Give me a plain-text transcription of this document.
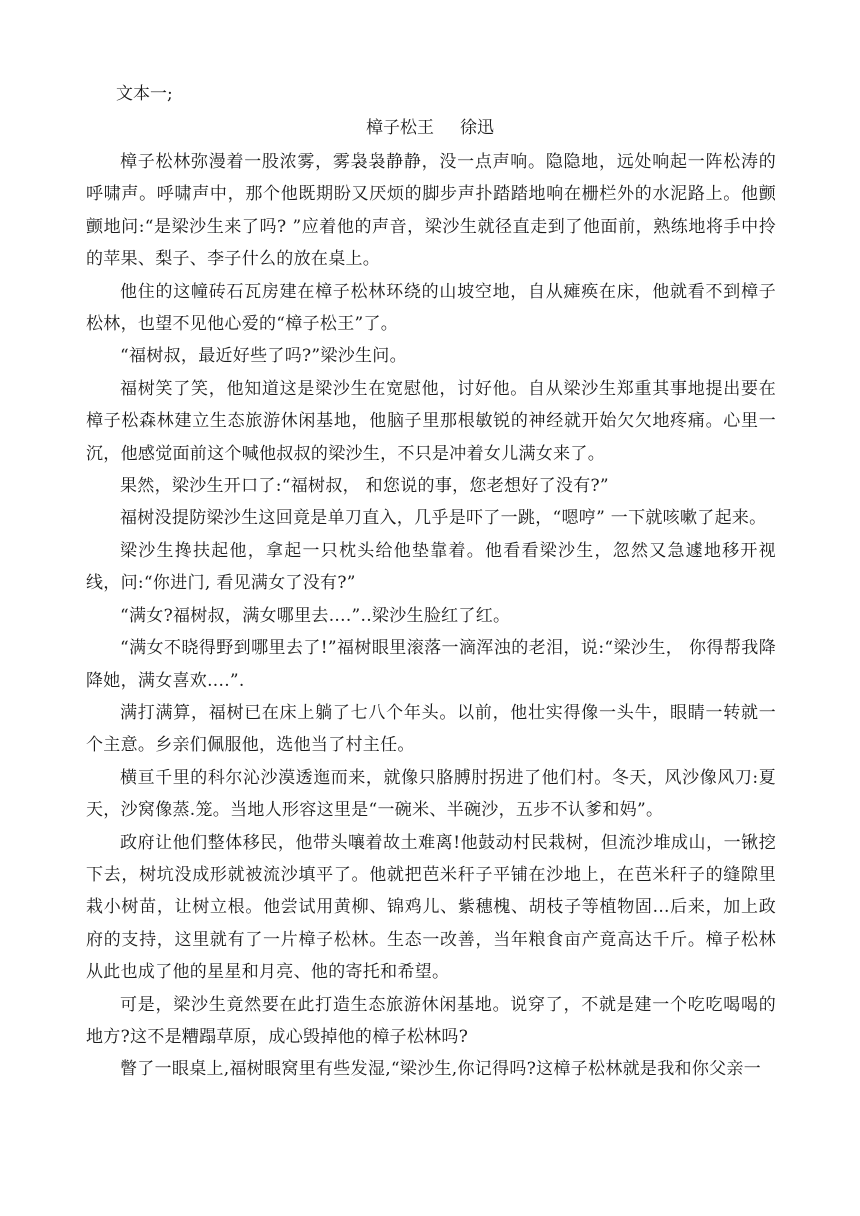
文本一;
樟子松王 徐迅

樟子松林弥漫着一股浓雾，雾袅袅静静，没一点声响。隐隐地，远处响起一阵松涛的呼啸声。呼啸声中，那个他既期盼又厌烦的脚步声扑踏踏地响在栅栏外的水泥路上。他颤颤地问:“是梁沙生来了吗? ”应着他的声音，梁沙生就径直走到了他面前，熟练地将手中拎的苹果、梨子、李子什么的放在桌上。

他住的这幢砖石瓦房建在樟子松林环绕的山坡空地，自从瘫痪在床，他就看不到樟子松林，也望不见他心爱的“樟子松王”了。

“福树叔，最近好些了吗?”梁沙生问。

福树笑了笑，他知道这是梁沙生在宽慰他，讨好他。自从梁沙生郑重其事地提出要在樟子松森林建立生态旅游休闲基地，他脑子里那根敏锐的神经就开始欠欠地疼痛。心里一沉，他感觉面前这个喊他叔叔的梁沙生，不只是冲着女儿满女来了。

果然，梁沙生开口了:“福树叔， 和您说的事，您老想好了没有?”

福树没提防梁沙生这回竟是单刀直入，几乎是吓了一跳，“嗯哼” 一下就咳嗽了起来。

梁沙生搀扶起他，拿起一只枕头给他垫靠着。他看看梁沙生，忽然又急遽地移开视线，问:“你进门, 看见满女了没有?”

“满女?福树叔，满女哪里去....”..梁沙生脸红了红。

“满女不晓得野到哪里去了!”福树眼里滚落一滴浑浊的老泪，说:“梁沙生， 你得帮我降降她，满女喜欢....”.

满打满算，福树已在床上躺了七八个年头。以前，他壮实得像一头牛，眼睛一转就一个主意。乡亲们佩服他，选他当了村主任。

横亘千里的科尔沁沙漠透迤而来，就像只胳膊肘拐进了他们村。冬天，风沙像风刀:夏天，沙窝像蒸.笼。当地人形容这里是“一碗米、半碗沙，五步不认爹和妈”。

政府让他们整体移民，他带头嚷着故土难离!他鼓动村民栽树，但流沙堆成山，一锹挖下去，树坑没成形就被流沙填平了。他就把芭米秆子平铺在沙地上，在芭米秆子的缝隙里栽小树苗，让树立根。他尝试用黄柳、锦鸡儿、紫穗槐、胡枝子等植物固...后来，加上政府的支持，这里就有了一片樟子松林。生态一改善，当年粮食亩产竟高达千斤。樟子松林从此也成了他的星星和月亮、他的寄托和希望。

可是，梁沙生竟然要在此打造生态旅游休闲基地。说穿了，不就是建一个吃吃喝喝的地方?这不是糟蹋草原，成心毁掉他的樟子松林吗?

瞥了一眼桌上,福树眼窝里有些发湿,“梁沙生,你记得吗?这樟子松林就是我和你父亲一
